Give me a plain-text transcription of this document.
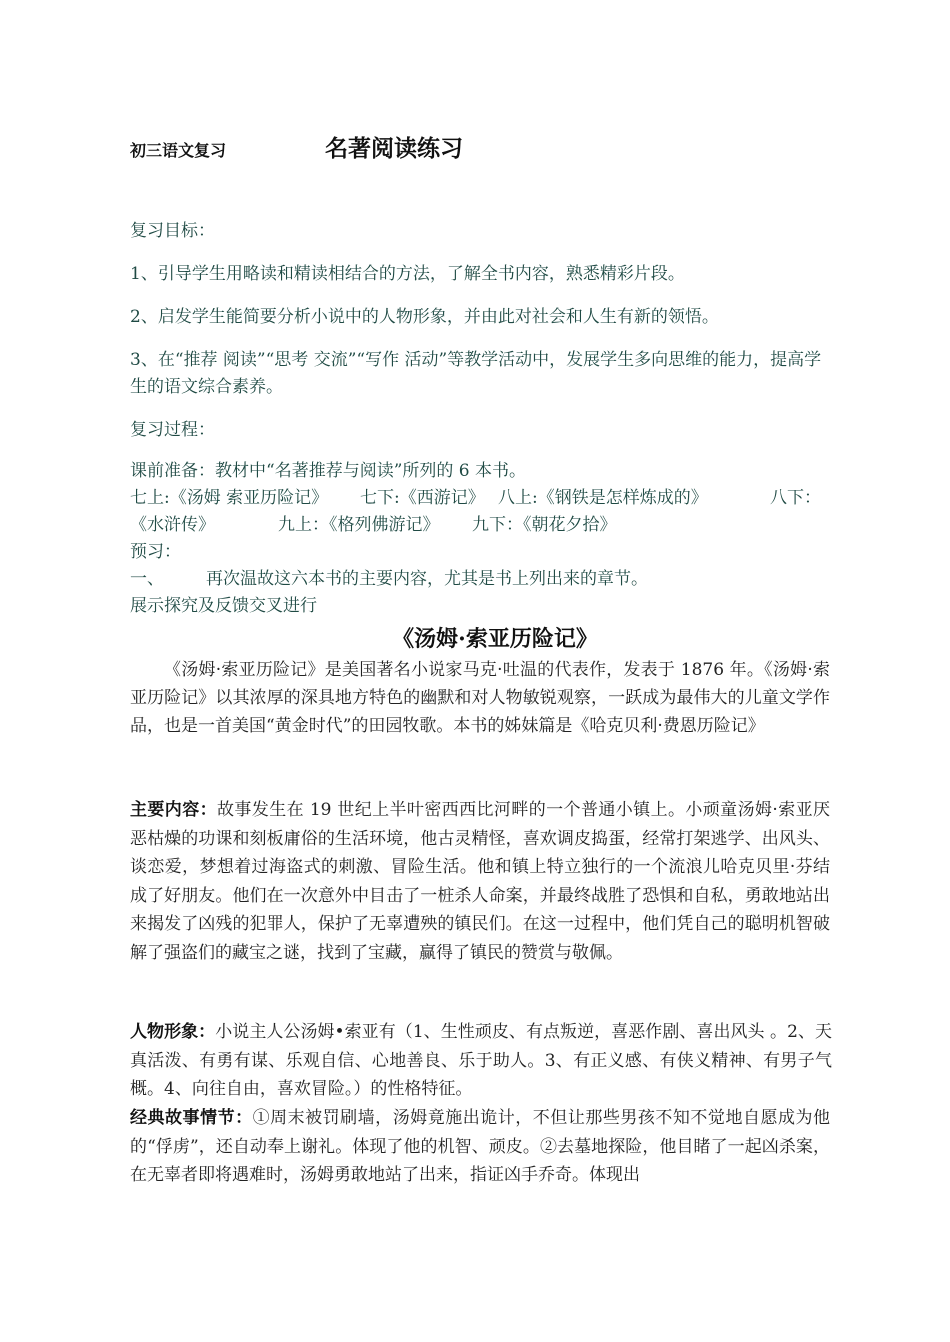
初三语文复习	名著阅读练习
复习目标：
1、引导学生用略读和精读相结合的方法，了解全书内容，熟悉精彩片段。
2、启发学生能简要分析小说中的人物形象，并由此对社会和人生有新的领悟。
3、在“推荐 阅读”“思考 交流”“写作 活动”等教学活动中，发展学生多向思维的能力，提高学生的语文综合素养。
复习过程：
课前准备：教材中“名著推荐与阅读”所列的 6 本书。
七上:《汤姆 索亚历险记》 七下:《西游记》 八上:《钢铁是怎样炼成的》	八下：
《水浒传》	九上：《格列佛游记》 九下：《朝花夕拾》
预习：
一、 再次温故这六本书的主要内容，尤其是书上列出来的章节。
展示探究及反馈交叉进行
《汤姆·索亚历险记》
《汤姆·索亚历险记》是美国著名小说家马克·吐温的代表作，发表于 1876 年。《汤姆·索亚历险记》以其浓厚的深具地方特色的幽默和对人物敏锐观察，一跃成为最伟大的儿童文学作品，也是一首美国“黄金时代”的田园牧歌。本书的姊妹篇是《哈克贝利·费恩历险记》
主要内容：故事发生在 19 世纪上半叶密西西比河畔的一个普通小镇上。小顽童汤姆·索亚厌恶枯燥的功课和刻板庸俗的生活环境，他古灵精怪，喜欢调皮捣蛋，经常打架逃学、出风头、谈恋爱，梦想着过海盗式的刺激、冒险生活。他和镇上特立独行的一个流浪儿哈克贝里·芬结成了好朋友。他们在一次意外中目击了一桩杀人命案，并最终战胜了恐惧和自私，勇敢地站出来揭发了凶残的犯罪人，保护了无辜遭殃的镇民们。在这一过程中，他们凭自己的聪明机智破解了强盗们的藏宝之谜，找到了宝藏，赢得了镇民的赞赏与敬佩。
人物形象：小说主人公汤姆•索亚有（1、生性顽皮、有点叛逆，喜恶作剧、喜出风头 。2、天真活泼、有勇有谋、乐观自信、心地善良、乐于助人。3、有正义感、有侠义精神、有男子气概。4、向往自由，喜欢冒险。）的性格特征。
经典故事情节：①周末被罚刷墙，汤姆竟施出诡计，不但让那些男孩不知不觉地自愿成为他的“俘虏”，还自动奉上谢礼。体现了他的机智、顽皮。②去墓地探险，他目睹了一起凶杀案，在无辜者即将遇难时，汤姆勇敢地站了出来，指证凶手乔奇。体现出
